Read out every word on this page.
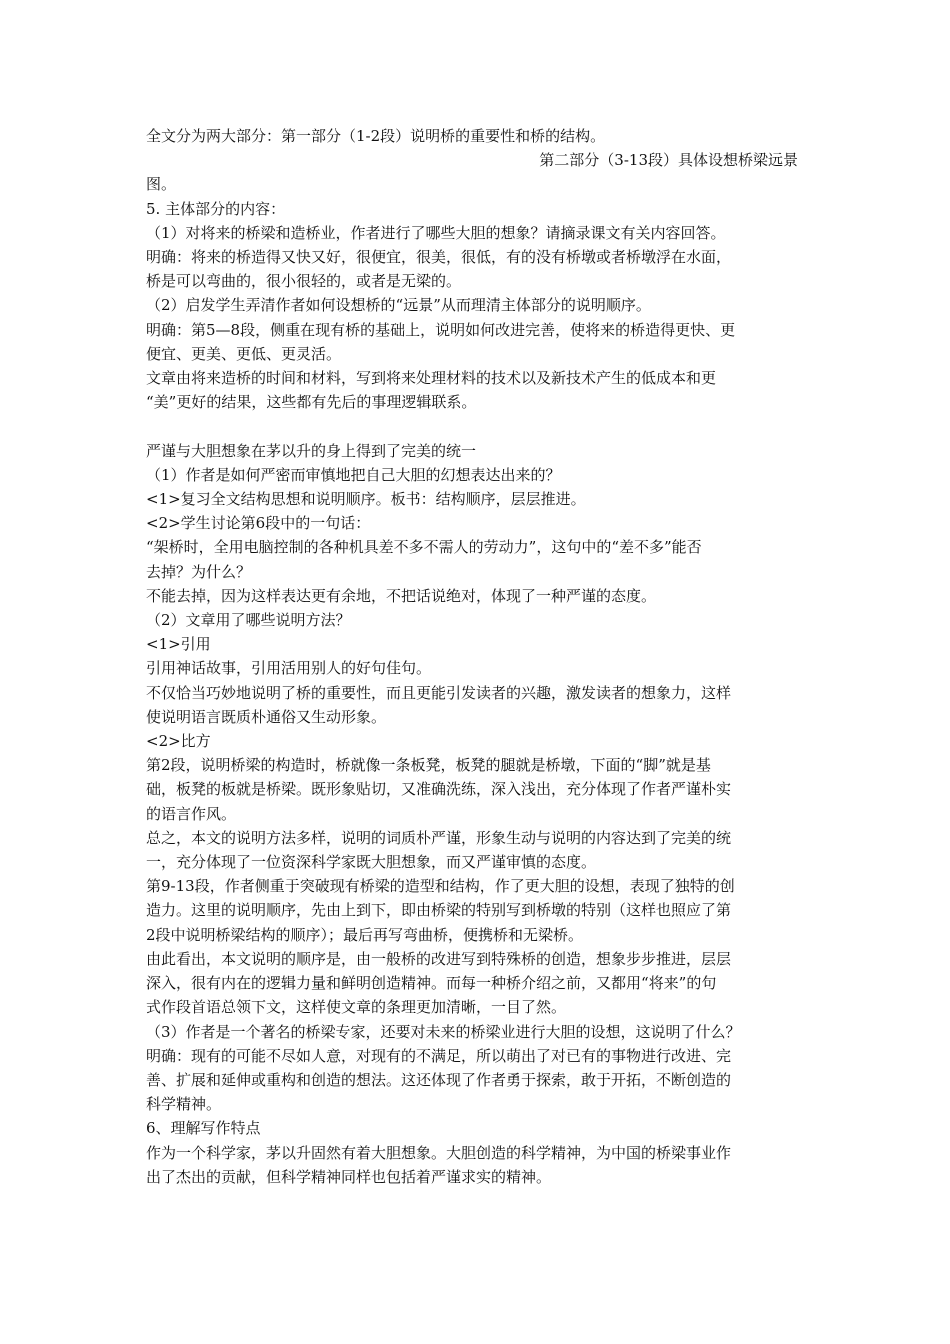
全文分为两大部分：第一部分（1-2段）说明桥的重要性和桥的结构。
第二部分（3-13段）具体设想桥梁远景
图。
5. 主体部分的内容：
（1）对将来的桥梁和造桥业，作者进行了哪些大胆的想象？请摘录课文有关内容回答。
明确：将来的桥造得又快又好，很便宜，很美，很低，有的没有桥墩或者桥墩浮在水面，
桥是可以弯曲的，很小很轻的，或者是无梁的。
（2）启发学生弄清作者如何设想桥的“远景”从而理清主体部分的说明顺序。
明确：第5—8段，侧重在现有桥的基础上，说明如何改进完善，使将来的桥造得更快、更
便宜、更美、更低、更灵活。
文章由将来造桥的时间和材料，写到将来处理材料的技术以及新技术产生的低成本和更
“美”更好的结果，这些都有先后的事理逻辑联系。
严谨与大胆想象在茅以升的身上得到了完美的统一
（1）作者是如何严密而审慎地把自己大胆的幻想表达出来的？
<1>复习全文结构思想和说明顺序。板书：结构顺序，层层推进。
<2>学生讨论第6段中的一句话：
“架桥时，全用电脑控制的各种机具差不多不需人的劳动力”，这句中的“差不多”能否
去掉？为什么？
不能去掉，因为这样表达更有余地，不把话说绝对，体现了一种严谨的态度。
（2）文章用了哪些说明方法？
<1>引用
引用神话故事，引用活用别人的好句佳句。
不仅恰当巧妙地说明了桥的重要性，而且更能引发读者的兴趣，激发读者的想象力，这样
使说明语言既质朴通俗又生动形象。
<2>比方
第2段，说明桥梁的构造时，桥就像一条板凳，板凳的腿就是桥墩，下面的“脚”就是基
础，板凳的板就是桥梁。既形象贴切，又准确洗练，深入浅出，充分体现了作者严谨朴实
的语言作风。
总之，本文的说明方法多样，说明的词质朴严谨，形象生动与说明的内容达到了完美的统
一，充分体现了一位资深科学家既大胆想象，而又严谨审慎的态度。
第9-13段，作者侧重于突破现有桥梁的造型和结构，作了更大胆的设想，表现了独特的创
造力。这里的说明顺序，先由上到下，即由桥梁的特别写到桥墩的特别（这样也照应了第
2段中说明桥梁结构的顺序）；最后再写弯曲桥，便携桥和无梁桥。
由此看出，本文说明的顺序是，由一般桥的改进写到特殊桥的创造，想象步步推进，层层
深入，很有内在的逻辑力量和鲜明创造精神。而每一种桥介绍之前，又都用“将来”的句
式作段首语总领下文，这样使文章的条理更加清晰，一目了然。
（3）作者是一个著名的桥梁专家，还要对未来的桥梁业进行大胆的设想，这说明了什么？
明确：现有的可能不尽如人意，对现有的不满足，所以萌出了对已有的事物进行改进、完
善、扩展和延伸或重构和创造的想法。这还体现了作者勇于探索，敢于开拓，不断创造的
科学精神。
6、理解写作特点
作为一个科学家，茅以升固然有着大胆想象。大胆创造的科学精神，为中国的桥梁事业作
出了杰出的贡献，但科学精神同样也包括着严谨求实的精神。
